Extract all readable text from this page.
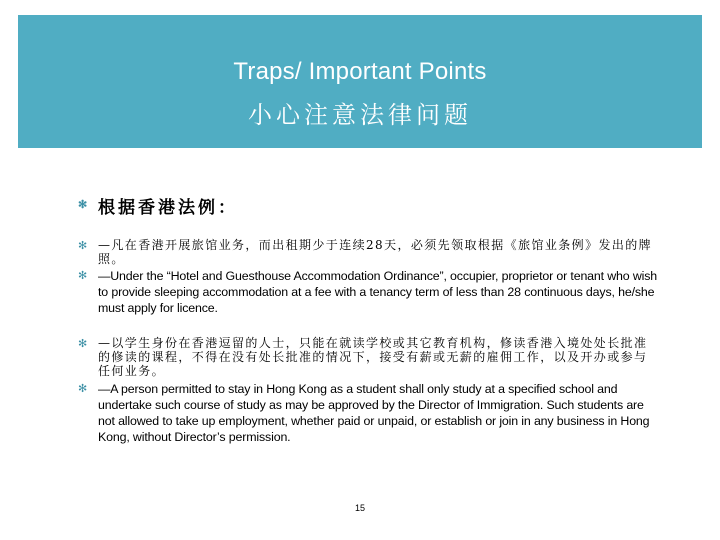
Traps/ Important Points
小心注意法律问题
✻ 根据香港法例：
✻ —凡在香港开展旅馆业务，而出租期少于连续28天，必须先领取根据《旅馆业条例》发出的牌照。
✻ —Under the “Hotel and Guesthouse Accommodation Ordinance”, occupier, proprietor or tenant who wish to provide sleeping accommodation at a fee with a tenancy term of less than 28 continuous days, he/she must apply for licence.
✻ —以学生身份在香港逗留的人士，只能在就读学校或其它教育机构，修读香港入境处处长批准的修读的课程，不得在没有处长批准的情况下，接受有薪或无薪的雇佣工作，以及开办或参与任何业务。
✻ —A person permitted to stay in Hong Kong as a student shall only study at a specified school and undertake such course of study as may be approved by the Director of Immigration. Such students are not allowed to take up employment, whether paid or unpaid, or establish or join in any business in Hong Kong, without Director’s permission.
15
